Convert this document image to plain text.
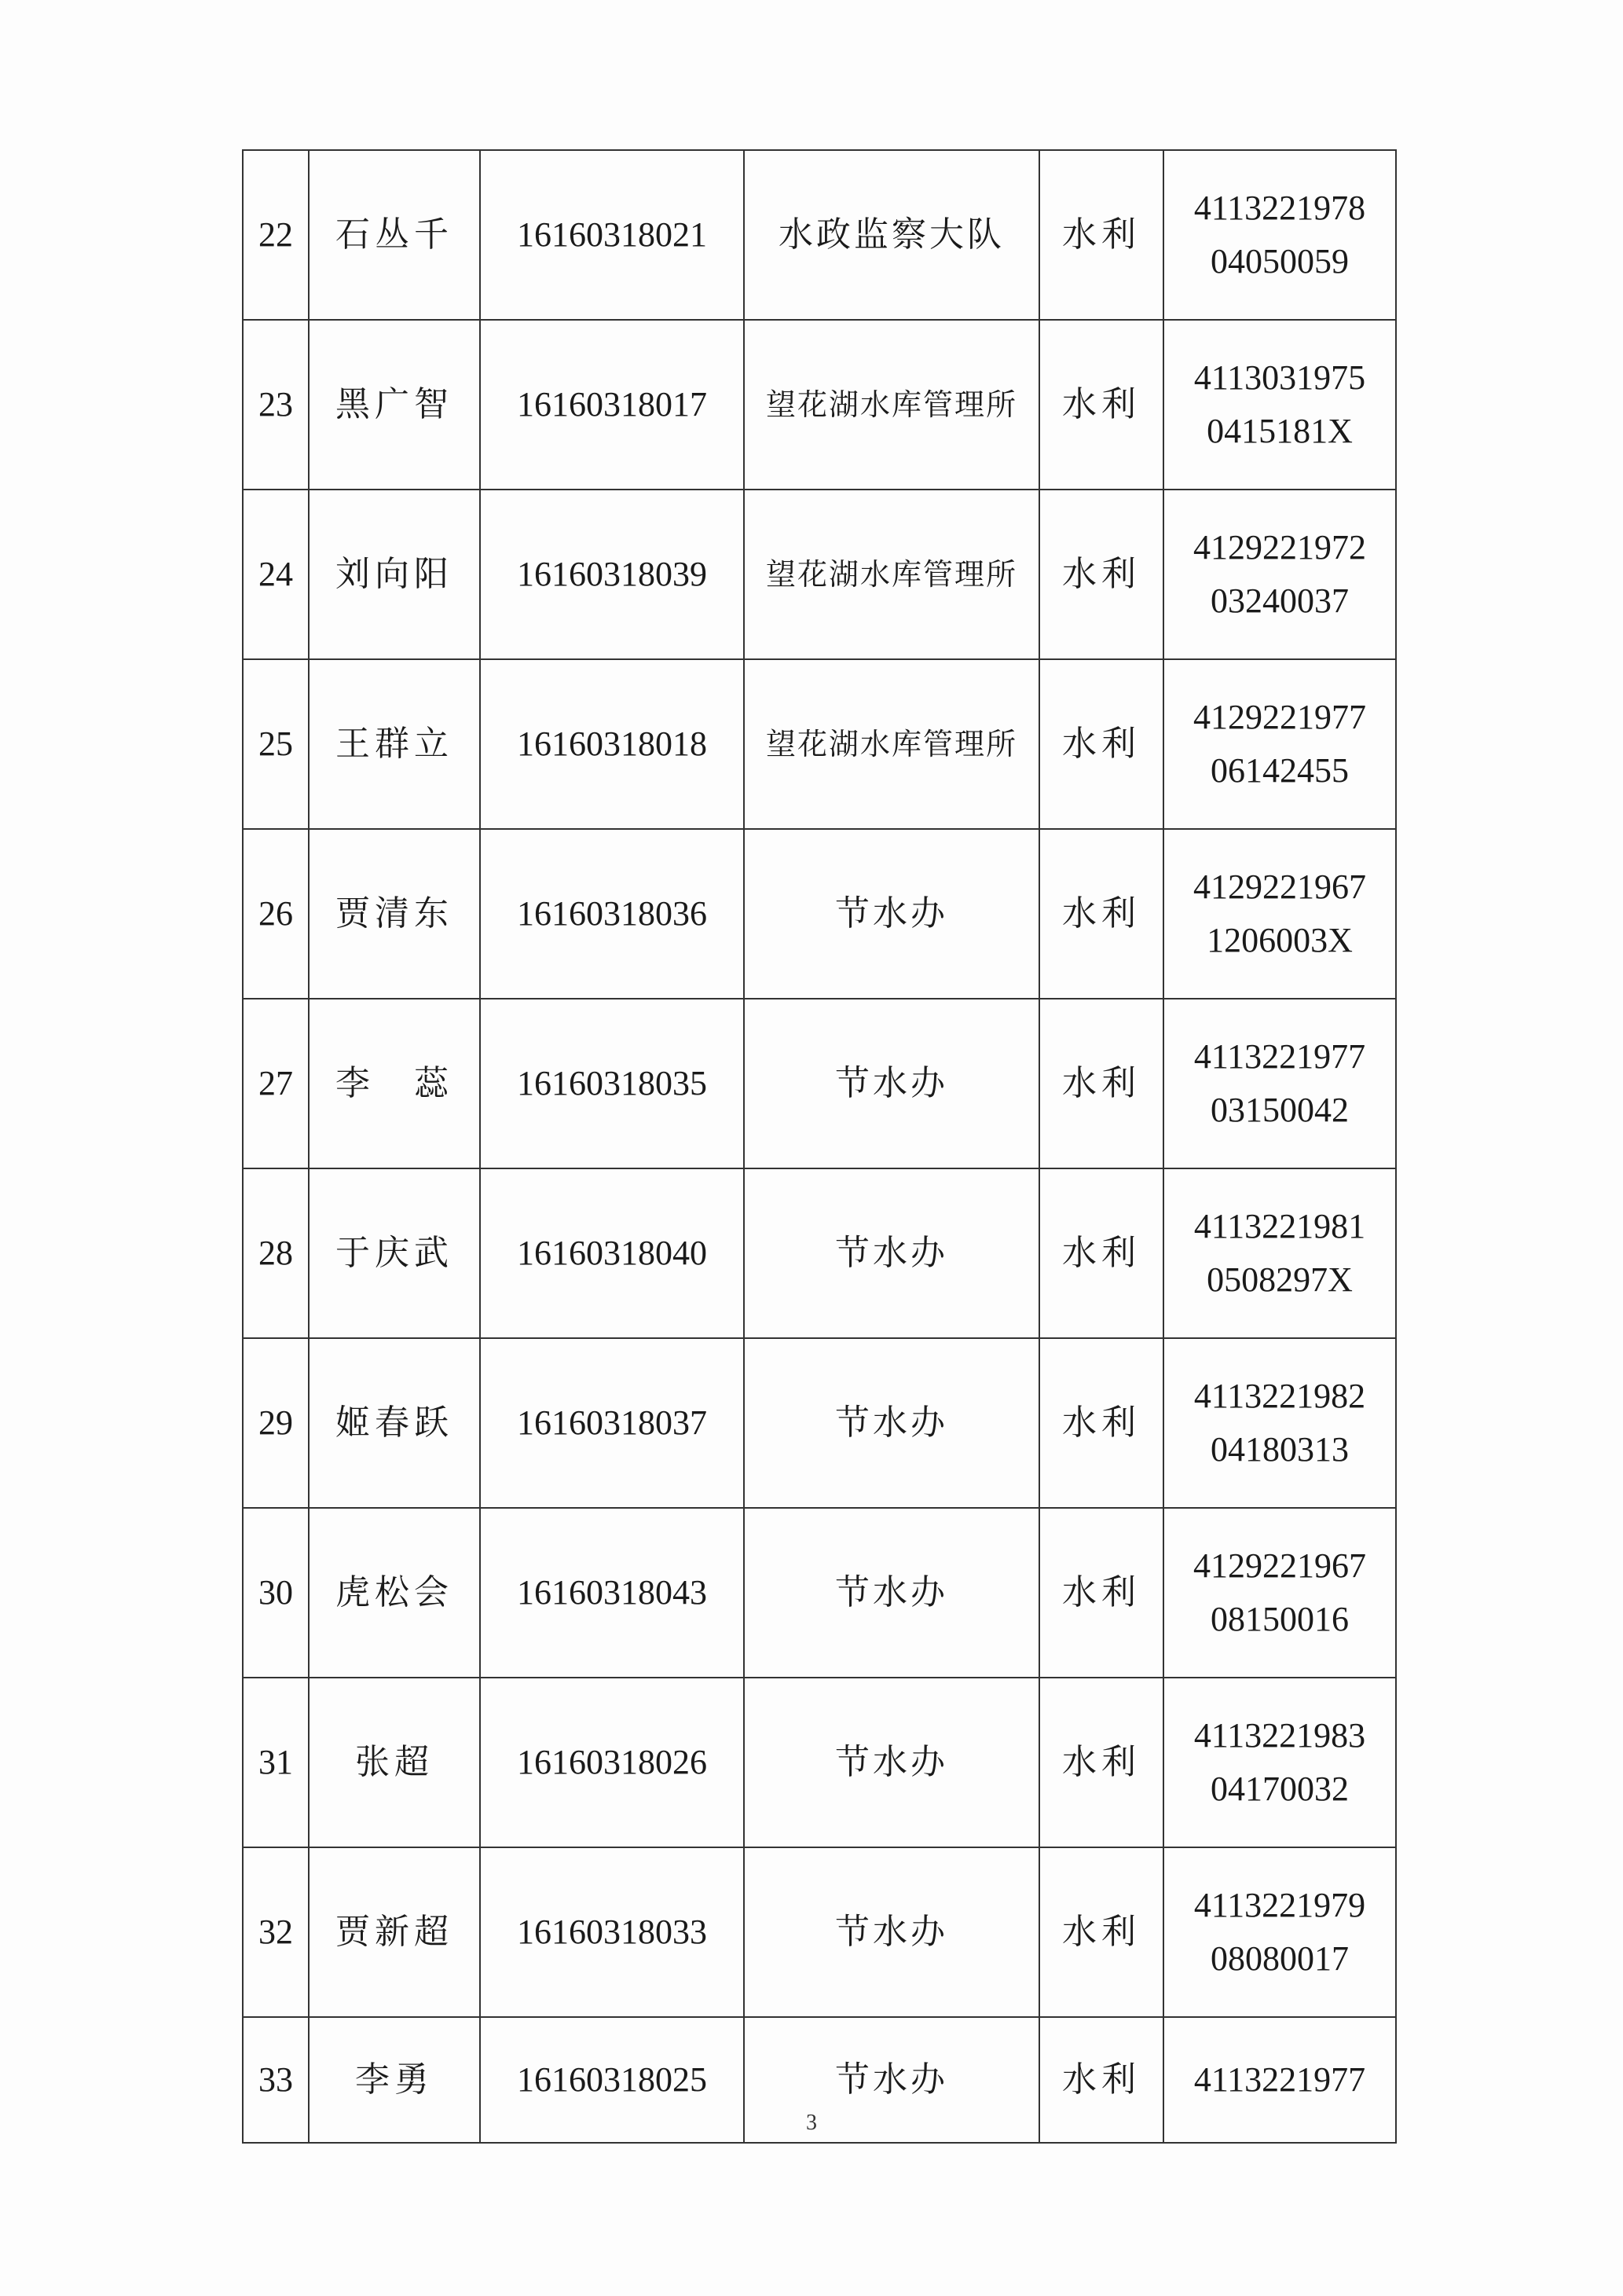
22	石丛千	16160318021	水政监察大队	水利	4113221978
04050059

23	黑广智	16160318017	望花湖水库管理所	水利	4113031975
0415181X

24	刘向阳	16160318039	望花湖水库管理所	水利	4129221972
03240037

25	王群立	16160318018	望花湖水库管理所	水利	4129221977
06142455

26	贾清东	16160318036	节水办	水利	4129221967
1206003X

27	李　蕊	16160318035	节水办	水利	4113221977
03150042

28	于庆武	16160318040	节水办	水利	4113221981
0508297X

29	姬春跃	16160318037	节水办	水利	4113221982
04180313

30	虎松会	16160318043	节水办	水利	4129221967
08150016

31	张超	16160318026	节水办	水利	4113221983
04170032

32	贾新超	16160318033	节水办	水利	4113221979
08080017

33	李勇	16160318025	节水办	水利	4113221977
3
